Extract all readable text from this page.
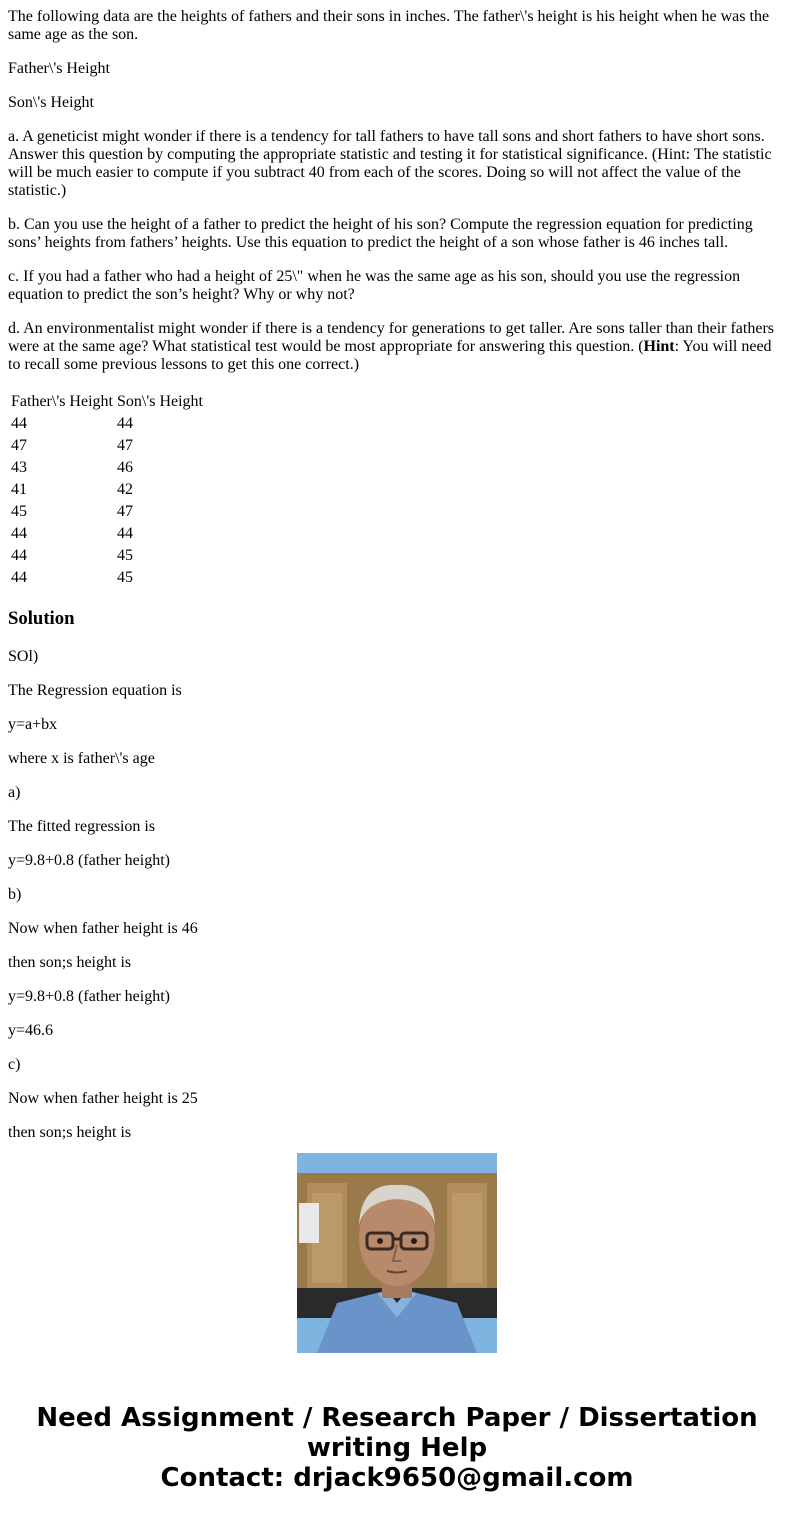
The following data are the heights of fathers and their sons in inches. The father\'s height is his height when he was the same age as the son.

Father\'s Height

Son\'s Height

a. A geneticist might wonder if there is a tendency for tall fathers to have tall sons and short fathers to have short sons. Answer this question by computing the appropriate statistic and testing it for statistical significance. (Hint: The statistic will be much easier to compute if you subtract 40 from each of the scores. Doing so will not affect the value of the statistic.)

b. Can you use the height of a father to predict the height of his son? Compute the regression equation for predicting sons’ heights from fathers’ heights. Use this equation to predict the height of a son whose father is 46 inches tall.

c. If you had a father who had a height of 25\" when he was the same age as his son, should you use the regression equation to predict the son’s height? Why or why not?

d. An environmentalist might wonder if there is a tendency for generations to get taller. Are sons taller than their fathers were at the same age? What statistical test would be most appropriate for answering this question. (Hint: You will need to recall some previous lessons to get this one correct.)

Father\'s Height	Son\'s Height
44	44
47	47
43	46
41	42
45	47
44	44
44	45
44	45
Solution

SOl)

The Regression equation is

y=a+bx

where x is father\'s age

a)

The fitted regression is

y=9.8+0.8 (father height)

b)

Now when father height is 46

then son;s height is

y=9.8+0.8 (father height)

y=46.6

c)

Now when father height is 25

then son;s height is

Need Assignment / Research Paper / Dissertation
writing Help
Contact: drjack9650@gmail.com
